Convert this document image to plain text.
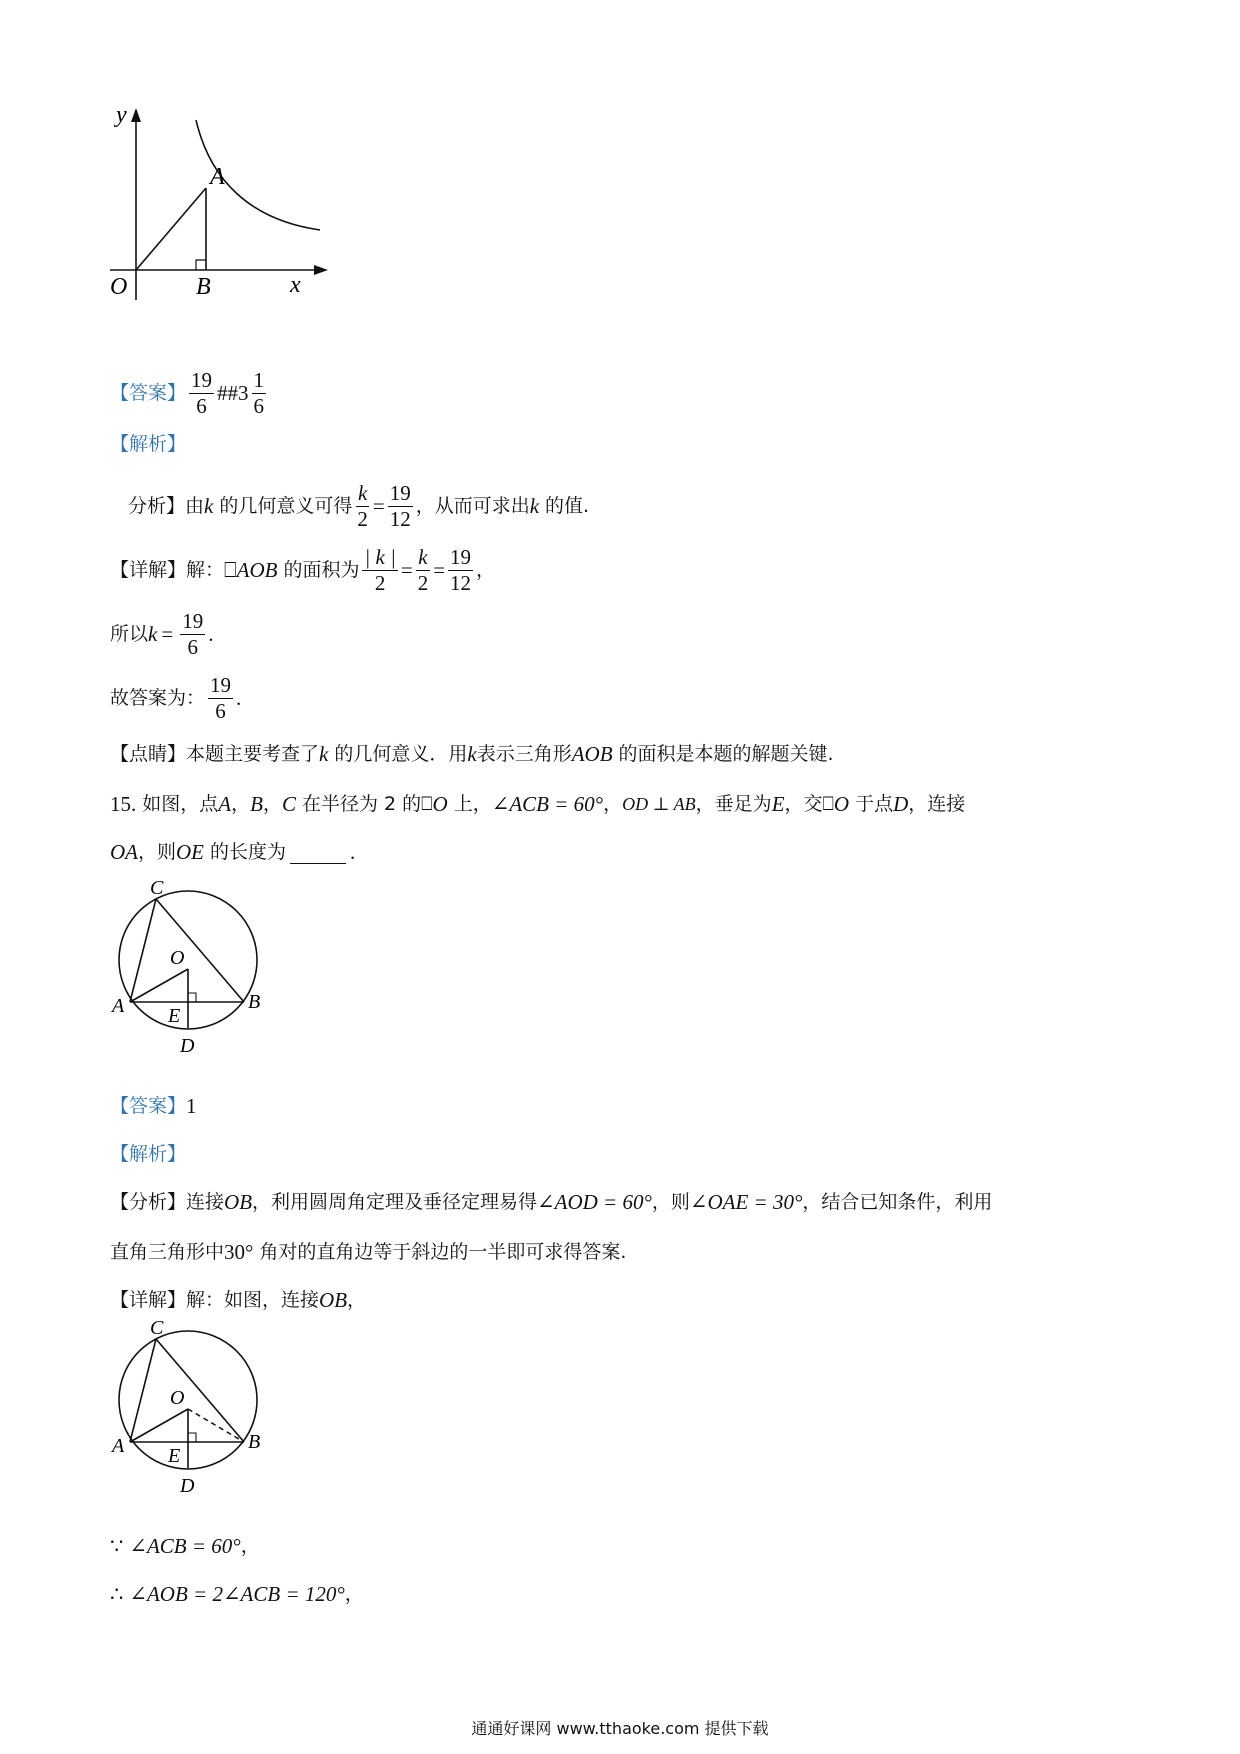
y
x
O
A
B
【答案】 $\frac{19}{6}$ ##3 $\frac{1}{6}$
【解析】
分析】由 k 的几何意义可得 $\frac{k}{2} = \frac{19}{12}$ ，从而可求出 k 的值.
【详解】 解： ⎕ AOB 的面积为 $\frac{| k |}{2} = \frac{k}{2} = \frac{19}{12}$ ，
所以 $k = \frac{19}{6}$ .
故答案为： $\frac{19}{6}$ .
【点睛】 本题主要考查了 k 的几何意义．用 k 表示三角形 AOB 的面积是本题的解题关键.
15. 如图，点 A ， B ， C 在半径为 2 的⎕ O 上， ∠ACB = 60° ， OD ⊥ AB ，垂足为 E ，交⎕ O 于点 D ，连接
OA ，则 OE 的长度为	.
C
O
A E
B
D
【答案】 1
【解析】
【分析】 连接 OB ，利用圆周角定理及垂径定理易得 ∠AOD = 60° ，则 ∠OAE = 30° ，结合已知条件，利用
直角三角形中 30° 角对的直角边等于斜边的一半即可求得答案.
【详解】 解：如图，连接 OB ，
C
O
A E
B
D
∵ ∠ACB = 60° ，
∴ ∠AOB = 2∠ACB = 120° ，
通通好课网 www.tthaoke.com 提供下载
